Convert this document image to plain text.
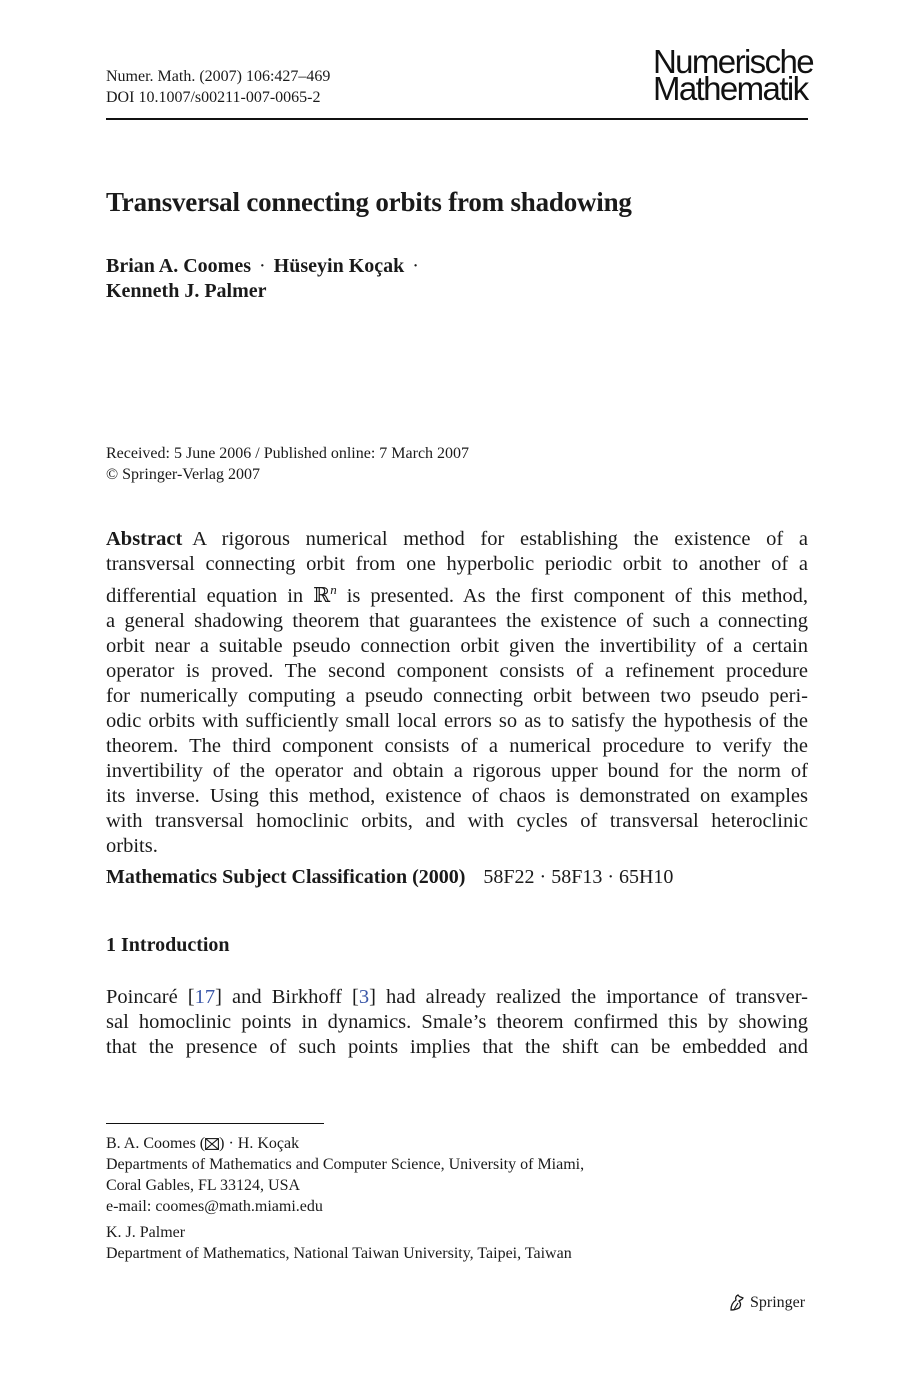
Numer. Math. (2007) 106:427–469
DOI 10.1007/s00211-007-0065-2
Numerische
Mathematik
Transversal connecting orbits from shadowing
Brian A. Coomes · Hüseyin Koçak ·
Kenneth J. Palmer
Received: 5 June 2006 / Published online: 7 March 2007
© Springer-Verlag 2007
Abstract A rigorous numerical method for establishing the existence of a
transversal connecting orbit from one hyperbolic periodic orbit to another of a
differential equation in ℝ$^n$ is presented. As the first component of this method,
a general shadowing theorem that guarantees the existence of such a connecting
orbit near a suitable pseudo connection orbit given the invertibility of a certain
operator is proved. The second component consists of a refinement procedure
for numerically computing a pseudo connecting orbit between two pseudo peri-
odic orbits with sufficiently small local errors so as to satisfy the hypothesis of the
theorem. The third component consists of a numerical procedure to verify the
invertibility of the operator and obtain a rigorous upper bound for the norm of
its inverse. Using this method, existence of chaos is demonstrated on examples
with transversal homoclinic orbits, and with cycles of transversal heteroclinic
orbits.
Mathematics Subject Classification (2000) 58F22 · 58F13 · 65H10
1 Introduction
Poincaré [17] and Birkhoff [3] had already realized the importance of transver-
sal homoclinic points in dynamics. Smale’s theorem confirmed this by showing
that the presence of such points implies that the shift can be embedded and
B. A. Coomes ( ) · H. Koçak
Departments of Mathematics and Computer Science, University of Miami,
Coral Gables, FL 33124, USA
e-mail: coomes@math.miami.edu
K. J. Palmer
Department of Mathematics, National Taiwan University, Taipei, Taiwan
Springer
